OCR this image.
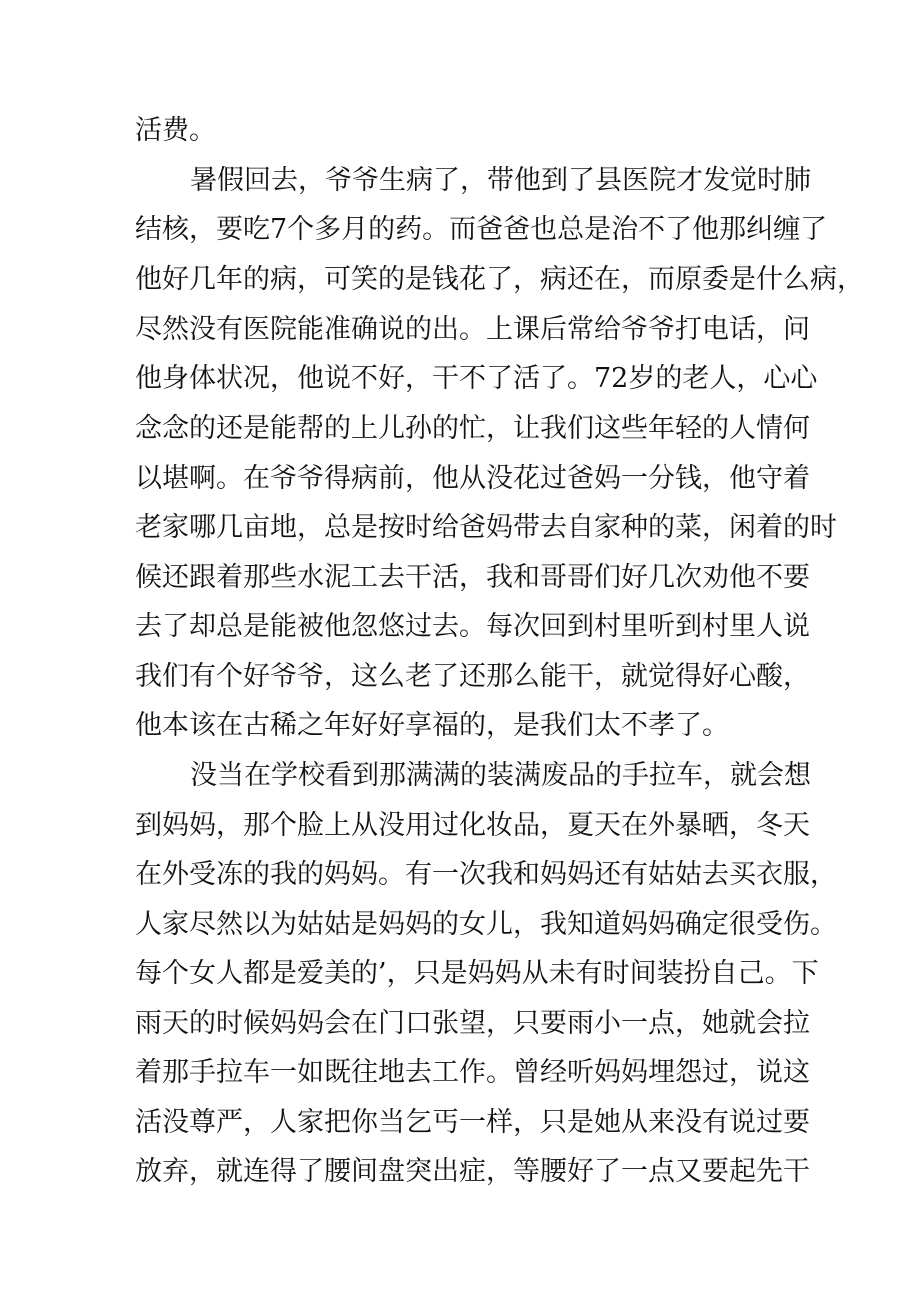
活费。
暑假回去，爷爷生病了，带他到了县医院才发觉时肺
结核，要吃7个多月的药。而爸爸也总是治不了他那纠缠了
他好几年的病，可笑的是钱花了，病还在，而原委是什么病，
尽然没有医院能准确说的出。上课后常给爷爷打电话，问
他身体状况，他说不好，干不了活了。72岁的老人，心心
念念的还是能帮的上儿孙的忙，让我们这些年轻的人情何
以堪啊。在爷爷得病前，他从没花过爸妈一分钱，他守着
老家哪几亩地，总是按时给爸妈带去自家种的菜，闲着的时
候还跟着那些水泥工去干活，我和哥哥们好几次劝他不要
去了却总是能被他忽悠过去。每次回到村里听到村里人说
我们有个好爷爷，这么老了还那么能干，就觉得好心酸，
他本该在古稀之年好好享福的，是我们太不孝了。
没当在学校看到那满满的装满废品的手拉车，就会想
到妈妈，那个脸上从没用过化妆品，夏天在外暴晒，冬天
在外受冻的我的妈妈。有一次我和妈妈还有姑姑去买衣服，
人家尽然以为姑姑是妈妈的女儿，我知道妈妈确定很受伤。
每个女人都是爱美的’，只是妈妈从未有时间装扮自己。下
雨天的时候妈妈会在门口张望，只要雨小一点，她就会拉
着那手拉车一如既往地去工作。曾经听妈妈埋怨过，说这
活没尊严，人家把你当乞丐一样，只是她从来没有说过要
放弃，就连得了腰间盘突出症，等腰好了一点又要起先干
